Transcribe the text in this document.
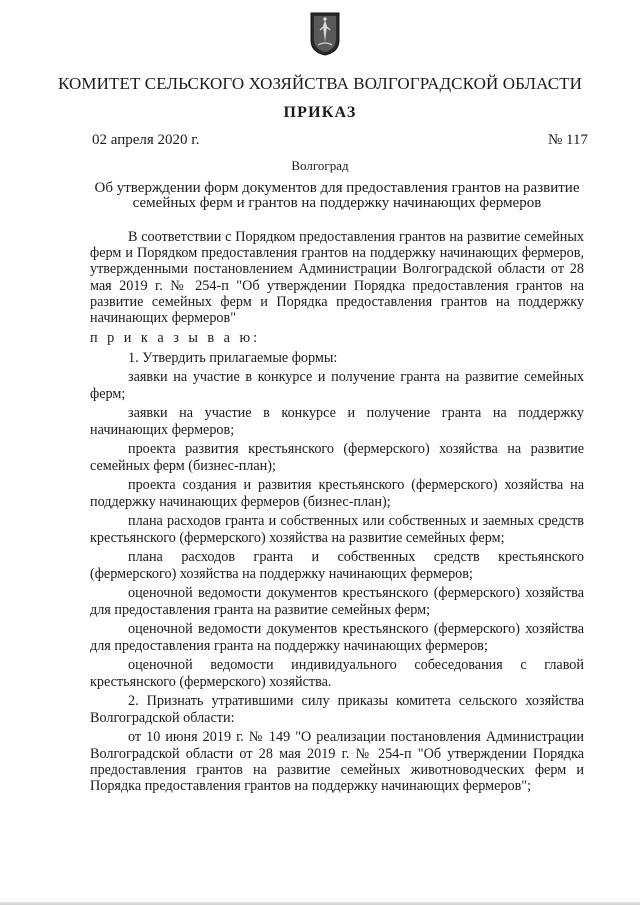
КОМИТЕТ СЕЛЬСКОГО ХОЗЯЙСТВА ВОЛГОГРАДСКОЙ ОБЛАСТИ
ПРИКАЗ
02 апреля 2020 г.	№ 117
Волгоград

Об утверждении форм документов для предоставления грантов на развитие семейных ферм и грантов на поддержку начинающих фермеров

В соответствии с Порядком предоставления грантов на развитие семейных ферм и Порядком предоставления грантов на поддержку начинающих фермеров, утвержденными постановлением Администрации Волгоградской области от 28 мая 2019 г. № 254-п "Об утверждении Порядка предоставления грантов на развитие семейных ферм и Порядка предоставления грантов на поддержку начинающих фермеров"

п р и к а з ы в а ю:

1. Утвердить прилагаемые формы:

заявки на участие в конкурсе и получение гранта на развитие семейных ферм;

заявки на участие в конкурсе и получение гранта на поддержку начинающих фермеров;

проекта развития крестьянского (фермерского) хозяйства на развитие семейных ферм (бизнес-план);

проекта создания и развития крестьянского (фермерского) хозяйства на поддержку начинающих фермеров (бизнес-план);

плана расходов гранта и собственных или собственных и заемных средств крестьянского (фермерского) хозяйства на развитие семейных ферм;

плана расходов гранта и собственных средств крестьянского (фермерского) хозяйства на поддержку начинающих фермеров;

оценочной ведомости документов крестьянского (фермерского) хозяйства для предоставления гранта на развитие семейных ферм;

оценочной ведомости документов крестьянского (фермерского) хозяйства для предоставления гранта на поддержку начинающих фермеров;

оценочной ведомости индивидуального собеседования с главой крестьянского (фермерского) хозяйства.

2. Признать утратившими силу приказы комитета сельского хозяйства Волгоградской области:

от 10 июня 2019 г. № 149 "О реализации постановления Администрации Волгоградской области от 28 мая 2019 г. № 254-п "Об утверждении Порядка предоставления грантов на развитие семейных животноводческих ферм и Порядка предоставления грантов на поддержку начинающих фермеров";
